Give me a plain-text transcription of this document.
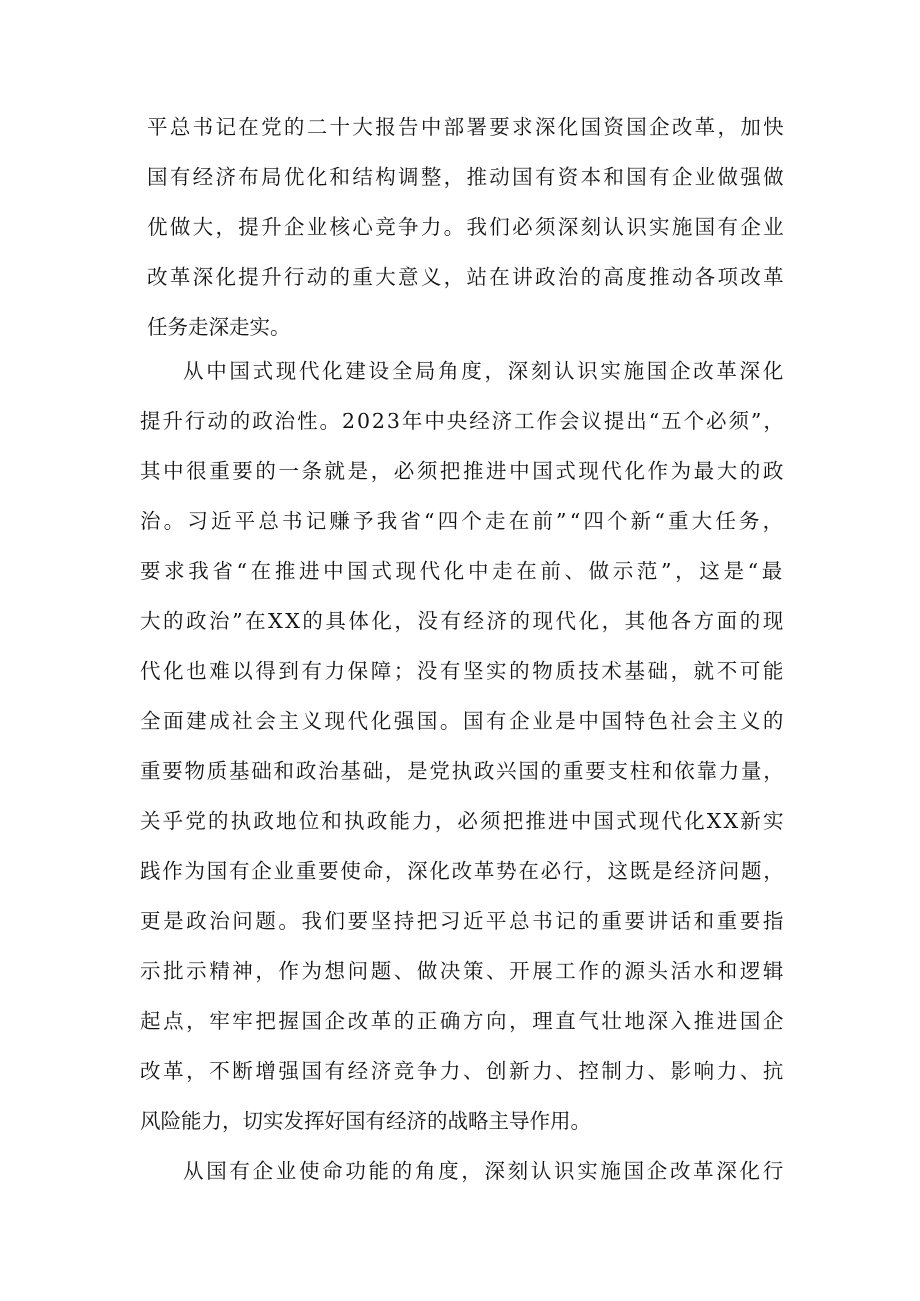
平总书记在党的二十大报告中部署要求深化国资国企改革，加快

国有经济布局优化和结构调整，推动国有资本和国有企业做强做

优做大，提升企业核心竞争力。我们必须深刻认识实施国有企业

改革深化提升行动的重大意义，站在讲政治的高度推动各项改革

任务走深走实。

从中国式现代化建设全局角度，深刻认识实施国企改革深化

提升行动的政治性。2023年中央经济工作会议提出“五个必须”，

其中很重要的一条就是，必须把推进中国式现代化作为最大的政

治。习近平总书记赚予我省“四个走在前”“四个新“重大任务，

要求我省“在推进中国式现代化中走在前、做示范”，这是“最

大的政治”在XX的具体化，没有经济的现代化，其他各方面的现

代化也难以得到有力保障；没有坚实的物质技术基础，就不可能

全面建成社会主义现代化强国。国有企业是中国特色社会主义的

重要物质基础和政治基础，是党执政兴国的重要支柱和依靠力量，

关乎党的执政地位和执政能力，必须把推进中国式现代化XX新实

践作为国有企业重要使命，深化改革势在必行，这既是经济问题，

更是政治问题。我们要坚持把习近平总书记的重要讲话和重要指

示批示精神，作为想问题、做决策、开展工作的源头活水和逻辑

起点，牢牢把握国企改革的正确方向，理直气壮地深入推进国企

改革，不断增强国有经济竞争力、创新力、控制力、影响力、抗

风险能力，切实发挥好国有经济的战略主导作用。

从国有企业使命功能的角度，深刻认识实施国企改革深化行
